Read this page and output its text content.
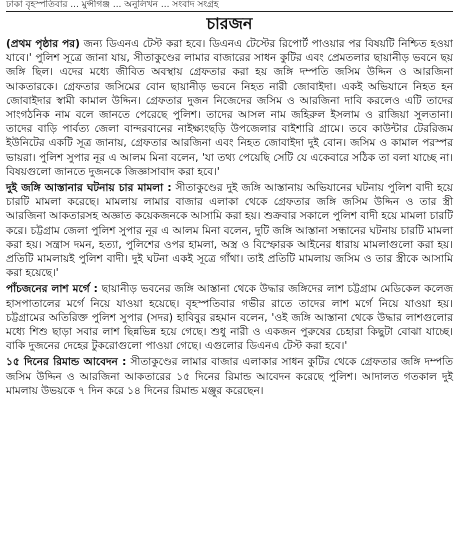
ঢাকা বৃহস্পতিবার ... মুন্সীগঞ্জ ... অনুলিখন ... সংবাদ সংগ্রহ
চারজন

(প্রথম পৃষ্ঠার পর) জন্য ডিএনএ টেস্ট করা হবে। ডিএনএ টেস্টের রিপোর্ট পাওয়ার পর বিষয়টি নিশ্চিত হওয়া যাবে।' পুলিশ সূত্রে জানা যায়, সীতাকুণ্ডের লামার বাজারের সাধন কুটির এবং প্রেমতলার ছায়ানীড় ভবনে ছয় জঙ্গি ছিল। এদের মধ্যে জীবিত অবস্থায় গ্রেফতার করা হয় জঙ্গি দম্পতি জসিম উদ্দিন ও আরজিনা আকতারকে। গ্রেফতার জসিমের বোন ছায়ানীড় ভবনে নিহত নারী জোবাইদা। একই অভিযানে নিহত হন জোবাইদার স্বামী কামাল উদ্দিন। গ্রেফতার দুজন নিজেদের জসিম ও আরজিনা দাবি করলেও এটি তাদের সাংগঠনিক নাম বলে জানতে পেরেছে পুলিশ। তাদের আসল নাম জহিরুল ইসলাম ও রাজিয়া সুলতানা। তাদের বাড়ি পার্বত্য জেলা বান্দরবানের নাইক্ষ্যংছড়ি উপজেলার বাইশারি গ্রামে। তবে কাউন্টার টেররিজম ইউনিটের একটি সূত্র জানায়, গ্রেফতার আরজিনা এবং নিহত জোবাইদা দুই বোন। জসিম ও কামাল পরস্পর ভায়রা। পুলিশ সুপার নূর এ আলম মিনা বলেন, 'যা তথ্য পেয়েছি সেটি যে একেবারে সঠিক তা বলা যাচ্ছে না। বিষয়গুলো জানতে দুজনকে জিজ্ঞাসাবাদ করা হবে।'

দুই জঙ্গি আস্তানার ঘটনায় চার মামলা : সীতাকুণ্ডের দুই জঙ্গি আস্তানায় অভিযানের ঘটনায় পুলিশ বাদী হয়ে চারটি মামলা করেছে। মামলায় লামার বাজার এলাকা থেকে গ্রেফতার জঙ্গি জসিম উদ্দিন ও তার স্ত্রী আরজিনা আকতারসহ অজ্ঞাত কয়েকজনকে আসামি করা হয়। শুক্রবার সকালে পুলিশ বাদী হয়ে মামলা চারটি করে। চট্টগ্রাম জেলা পুলিশ সুপার নূর এ আলম মিনা বলেন, দুটি জঙ্গি আস্তানা সন্ধানের ঘটনায় চারটি মামলা করা হয়। সন্ত্রাস দমন, হত্যা, পুলিশের ওপর হামলা, অস্ত্র ও বিস্ফোরক আইনের ধারায় মামলাগুলো করা হয়। প্রতিটি মামলায়ই পুলিশ বাদী। দুই ঘটনা একই সূত্রে গাঁথা। তাই প্রতিটি মামলায় জসিম ও তার স্ত্রীকে আসামি করা হয়েছে।'

পাঁচজনের লাশ মর্গে : ছায়ানীড় ভবনের জঙ্গি আস্তানা থেকে উদ্ধার জঙ্গিদের লাশ চট্টগ্রাম মেডিকেল কলেজ হাসপাতালের মর্গে নিয়ে যাওয়া হয়েছে। বৃহস্পতিবার গভীর রাতে তাদের লাশ মর্গে নিয়ে যাওয়া হয়। চট্টগ্রামের অতিরিক্ত পুলিশ সুপার (সদর) হাবিবুর রহমান বলেন, 'ওই জঙ্গি আস্তানা থেকে উদ্ধার লাশগুলোর মধ্যে শিশু ছাড়া সবার লাশ ছিন্নভিন্ন হয়ে গেছে। শুধু নারী ও একজন পুরুষের চেহারা কিছুটা বোঝা যাচ্ছে। বাকি দুজনের দেহের টুকরোগুলো পাওয়া গেছে। এগুলোর ডিএনএ টেস্ট করা হবে।'

১৫ দিনের রিমান্ড আবেদন : সীতাকুণ্ডের লামার বাজার এলাকার সাধন কুটির থেকে গ্রেফতার জঙ্গি দম্পতি জসিম উদ্দিন ও আরজিনা আকতারের ১৫ দিনের রিমান্ড আবেদন করেছে পুলিশ। আদালত গতকাল দুই মামলায় উভয়কে ৭ দিন করে ১৪ দিনের রিমান্ড মঞ্জুর করেছেন।
